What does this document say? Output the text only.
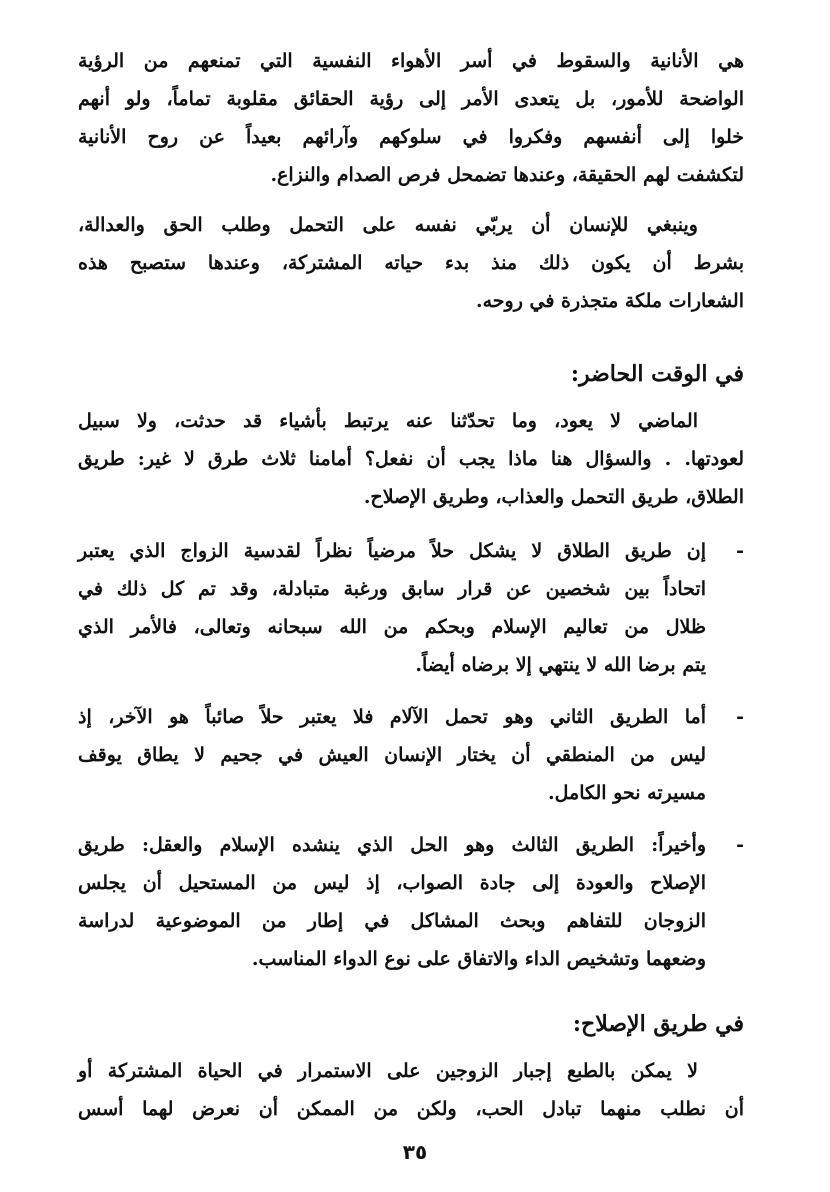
هي الأنانية والسقوط في أسر الأهواء النفسية التي تمنعهم من الرؤية
الواضحة للأمور، بل يتعدى الأمر إلى رؤية الحقائق مقلوبة تماماً، ولو أنهم
خلوا إلى أنفسهم وفكروا في سلوكهم وآرائهم بعيداً عن روح الأنانية
لتكشفت لهم الحقيقة، وعندها تضمحل فرص الصدام والنزاع.

وينبغي للإنسان أن يربّي نفسه على التحمل وطلب الحق والعدالة،
بشرط أن يكون ذلك منذ بدء حياته المشتركة، وعندها ستصبح هذه
الشعارات ملكة متجذرة في روحه.

في الوقت الحاضر:

الماضي لا يعود، وما تحدّثنا عنه يرتبط بأشياء قد حدثت، ولا سبيل
لعودتها. . والسؤال هنا ماذا يجب أن نفعل؟ أمامنا ثلاث طرق لا غير: طريق
الطلاق، طريق التحمل والعذاب، وطريق الإصلاح.

-
إن طريق الطلاق لا يشكل حلاً مرضياً نظراً لقدسية الزواج الذي يعتبر
اتحاداً بين شخصين عن قرار سابق ورغبة متبادلة، وقد تم كل ذلك في
ظلال من تعاليم الإسلام وبحكم من الله سبحانه وتعالى، فالأمر الذي
يتم برضا الله لا ينتهي إلا برضاه أيضاً.
-
أما الطريق الثاني وهو تحمل الآلام فلا يعتبر حلاً صائباً هو الآخر، إذ
ليس من المنطقي أن يختار الإنسان العيش في جحيم لا يطاق يوقف
مسيرته نحو الكامل.
-
وأخيراً: الطريق الثالث وهو الحل الذي ينشده الإسلام والعقل: طريق
الإصلاح والعودة إلى جادة الصواب، إذ ليس من المستحيل أن يجلس
الزوجان للتفاهم وبحث المشاكل في إطار من الموضوعية لدراسة
وضعهما وتشخيص الداء والاتفاق على نوع الدواء المناسب.
في طريق الإصلاح:

لا يمكن بالطبع إجبار الزوجين على الاستمرار في الحياة المشتركة أو
أن نطلب منهما تبادل الحب، ولكن من الممكن أن نعرض لهما أسس

٣٥
